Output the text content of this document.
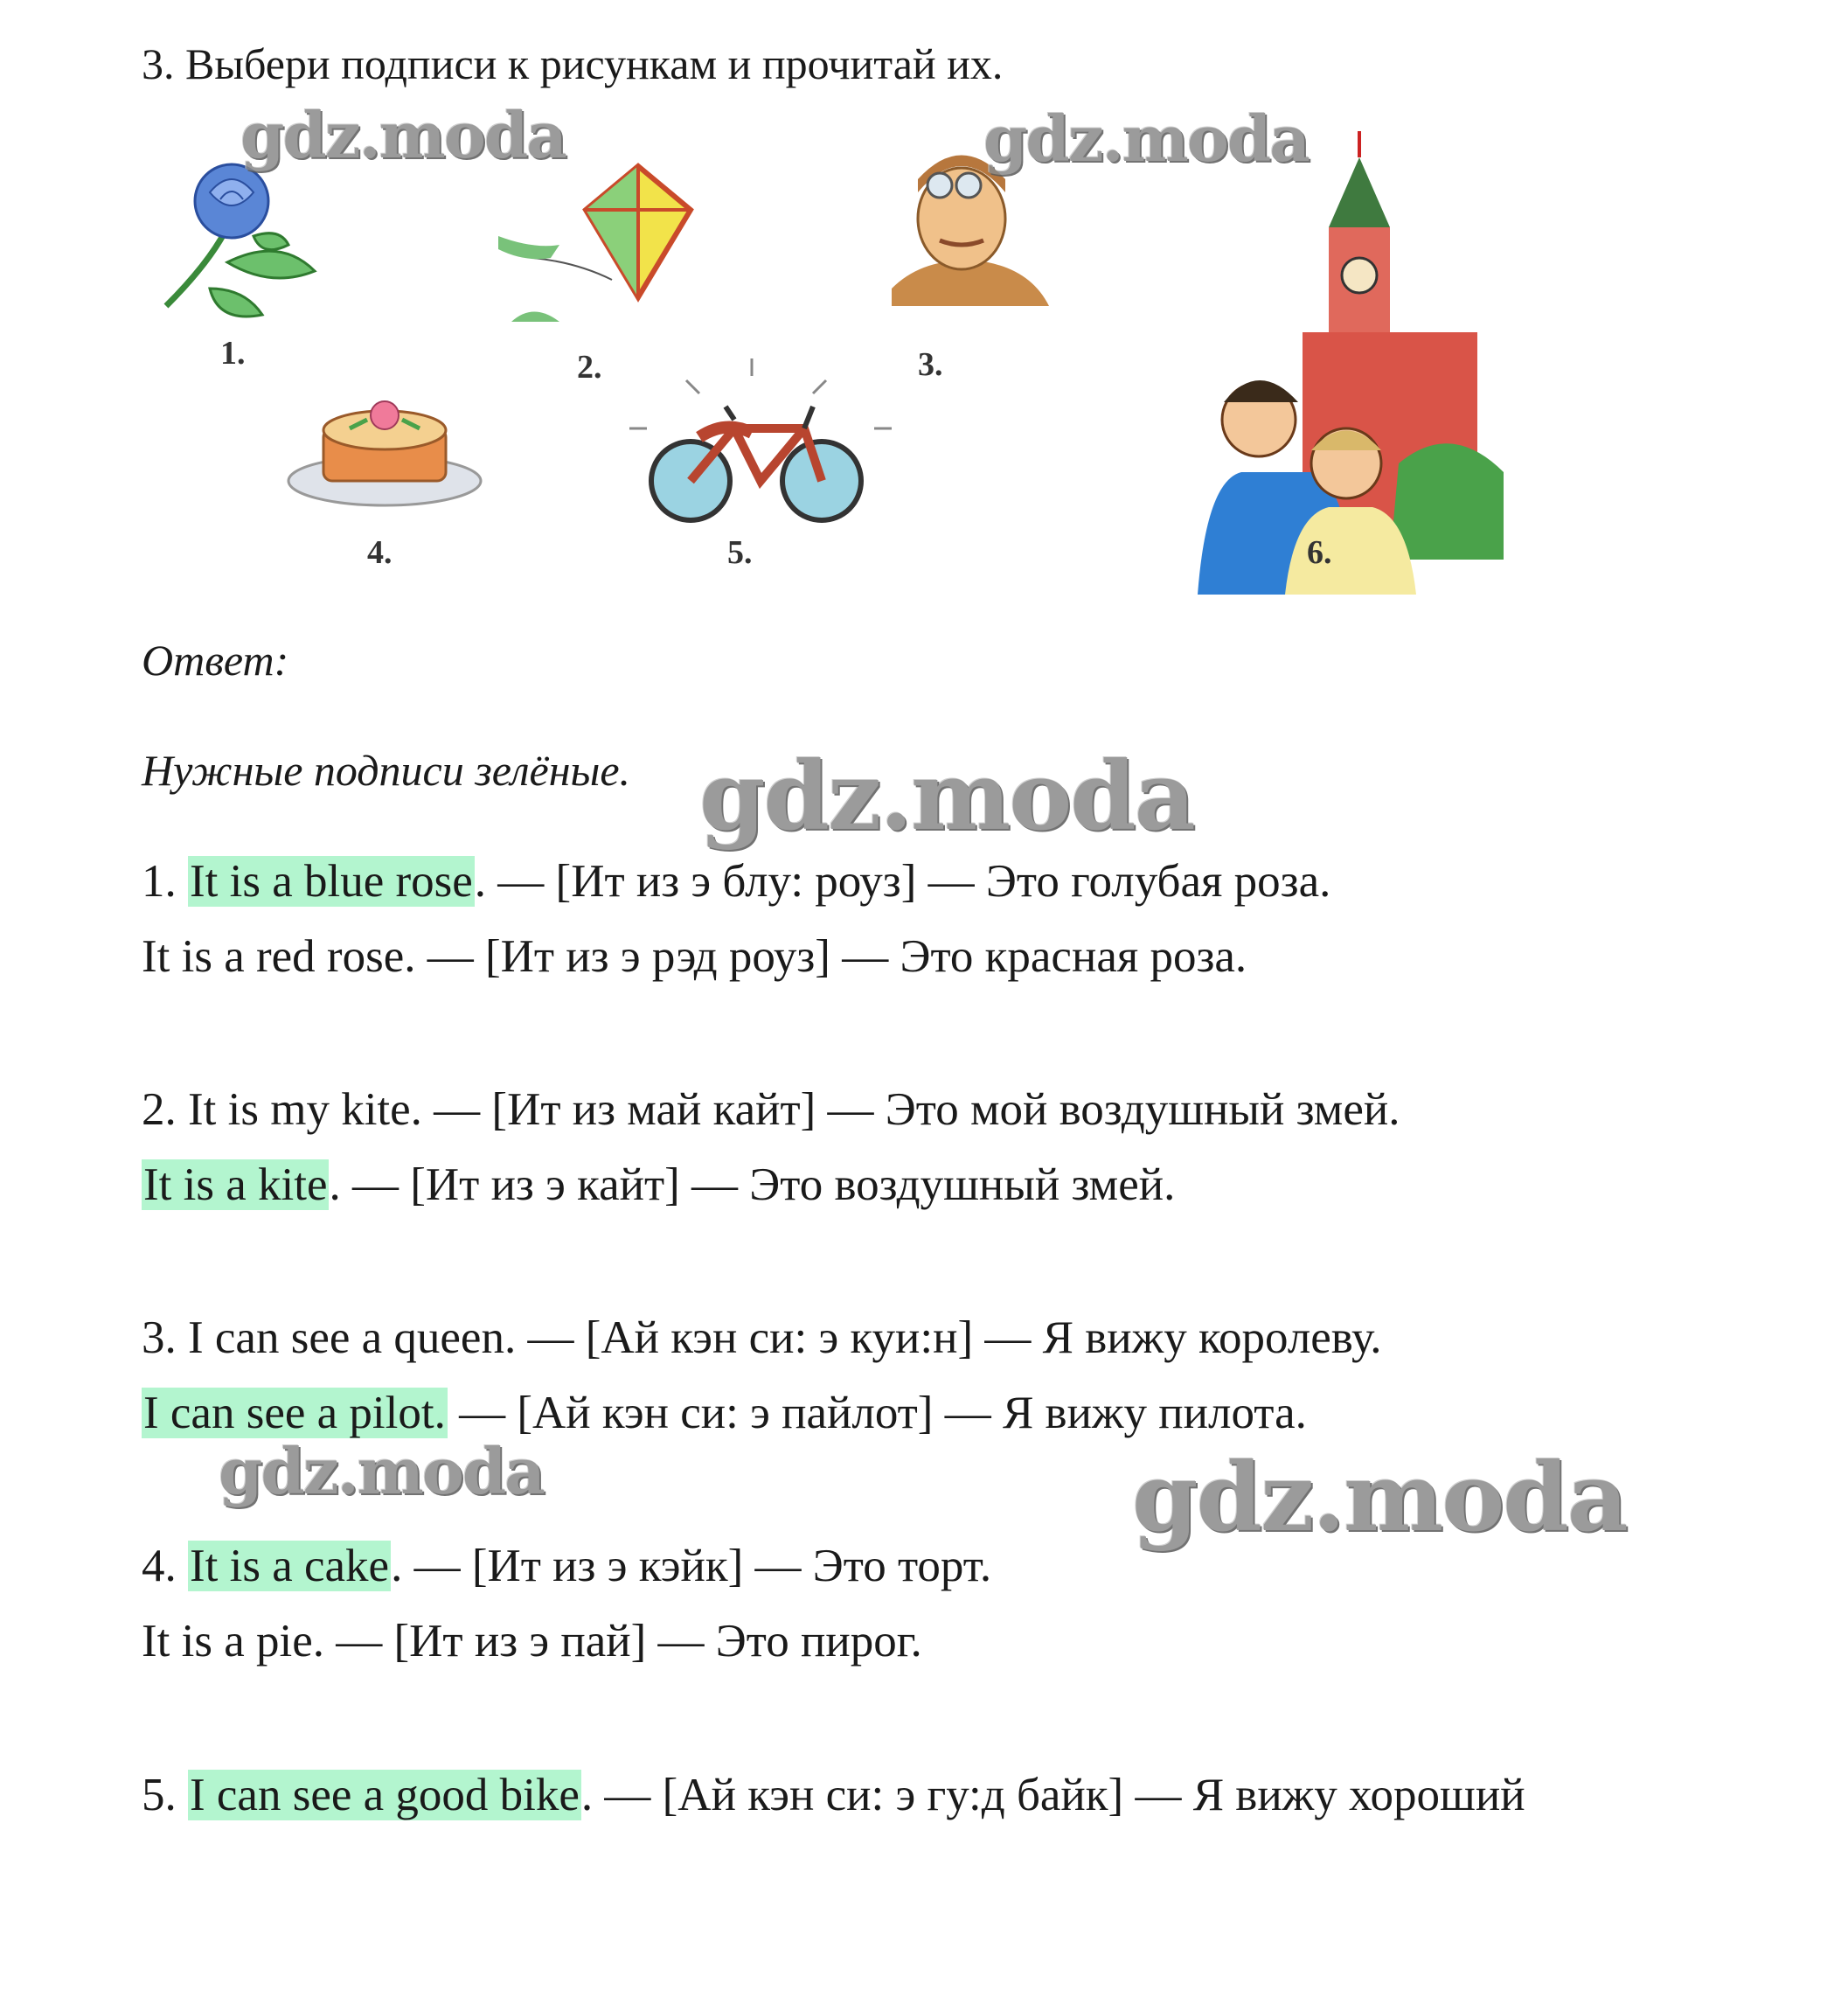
3. Выбери подписи к рисункам и прочитай их.
1.	2.	3.
4.	5.	6.
Ответ:
Нужные подписи зелёные.
1. It is a blue rose. — [Ит из э блу: роуз] — Это голубая роза.
It is a red rose. — [Ит из э рэд роуз] — Это красная роза.
2. It is my kite. — [Ит из май кайт] — Это мой воздушный змей.
It is a kite. — [Ит из э кайт] — Это воздушный змей.
3. I can see a queen. — [Ай кэн си: э куи:н] — Я вижу королеву.
I can see a pilot. — [Ай кэн си: э пайлот] — Я вижу пилота.
4. It is a cake. — [Ит из э кэйк] — Это торт.
It is a pie. — [Ит из э пай] — Это пирог.
5. I can see a good bike. — [Ай кэн си: э гу:д байк] — Я вижу хороший
gdz.moda	gdz.moda
gdz.moda
gdz.moda	gdz.moda
